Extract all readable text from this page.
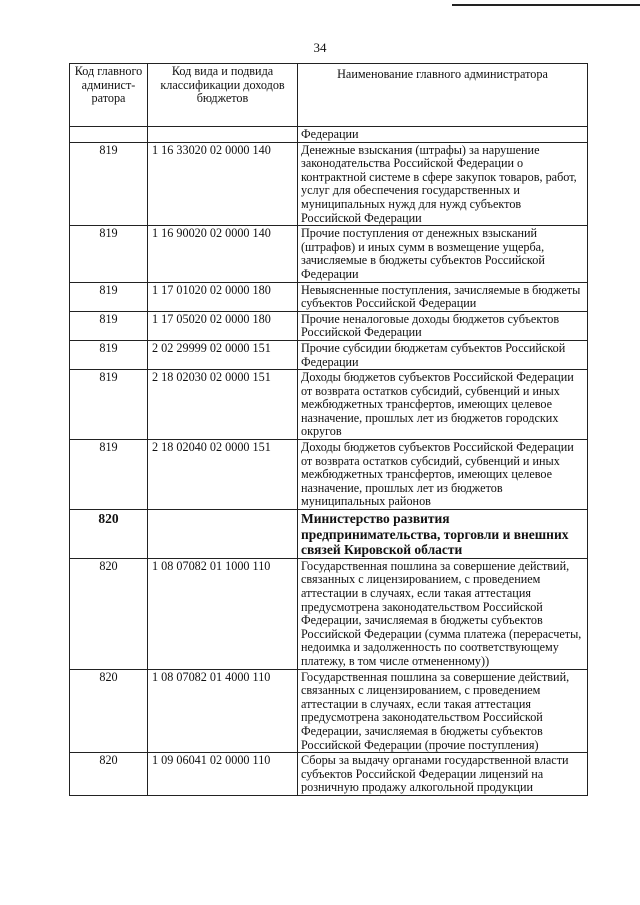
34
Код главного админист-ратора	Код вида и подвида классификации доходов бюджетов	Наименование главного администратора
		Федерации
819	1 16 33020 02 0000 140	Денежные взыскания (штрафы) за нарушение законодательства Российской Федерации о контрактной системе в сфере закупок товаров, работ, услуг для обеспечения государственных и муниципальных нужд для нужд субъектов Российской Федерации
819	1 16 90020 02 0000 140	Прочие поступления от денежных взысканий (штрафов) и иных сумм в возмещение ущерба, зачисляемые в бюджеты субъектов Российской Федерации
819	1 17 01020 02 0000 180	Невыясненные поступления, зачисляемые в бюджеты субъектов Российской Федерации
819	1 17 05020 02 0000 180	Прочие неналоговые доходы бюджетов субъектов Российской Федерации
819	2 02 29999 02 0000 151	Прочие субсидии бюджетам субъектов Российской Федерации
819	2 18 02030 02 0000 151	Доходы бюджетов субъектов Российской Федерации от возврата остатков субсидий, субвенций и иных межбюджетных трансфертов, имеющих целевое назначение, прошлых лет из бюджетов городских округов
819	2 18 02040 02 0000 151	Доходы бюджетов субъектов Российской Федерации от возврата остатков субсидий, субвенций и иных межбюджетных трансфертов, имеющих целевое назначение, прошлых лет из бюджетов муниципальных районов
820		Министерство развития предпринимательства, торговли и внешних связей Кировской области
820	1 08 07082 01 1000 110	Государственная пошлина за совершение действий, связанных с лицензированием, с проведением аттестации в случаях, если такая аттестация предусмотрена законодательством Российской Федерации, зачисляемая в бюджеты субъектов Российской Федерации (сумма платежа (перерасчеты, недоимка и задолженность по соответствующему платежу, в том числе отмененному))
820	1 08 07082 01 4000 110	Государственная пошлина за совершение действий, связанных с лицензированием, с проведением аттестации в случаях, если такая аттестация предусмотрена законодательством Российской Федерации, зачисляемая в бюджеты субъектов Российской Федерации (прочие поступления)
820	1 09 06041 02 0000 110	Сборы за выдачу органами государственной власти субъектов Российской Федерации лицензий на розничную продажу алкогольной продукции
